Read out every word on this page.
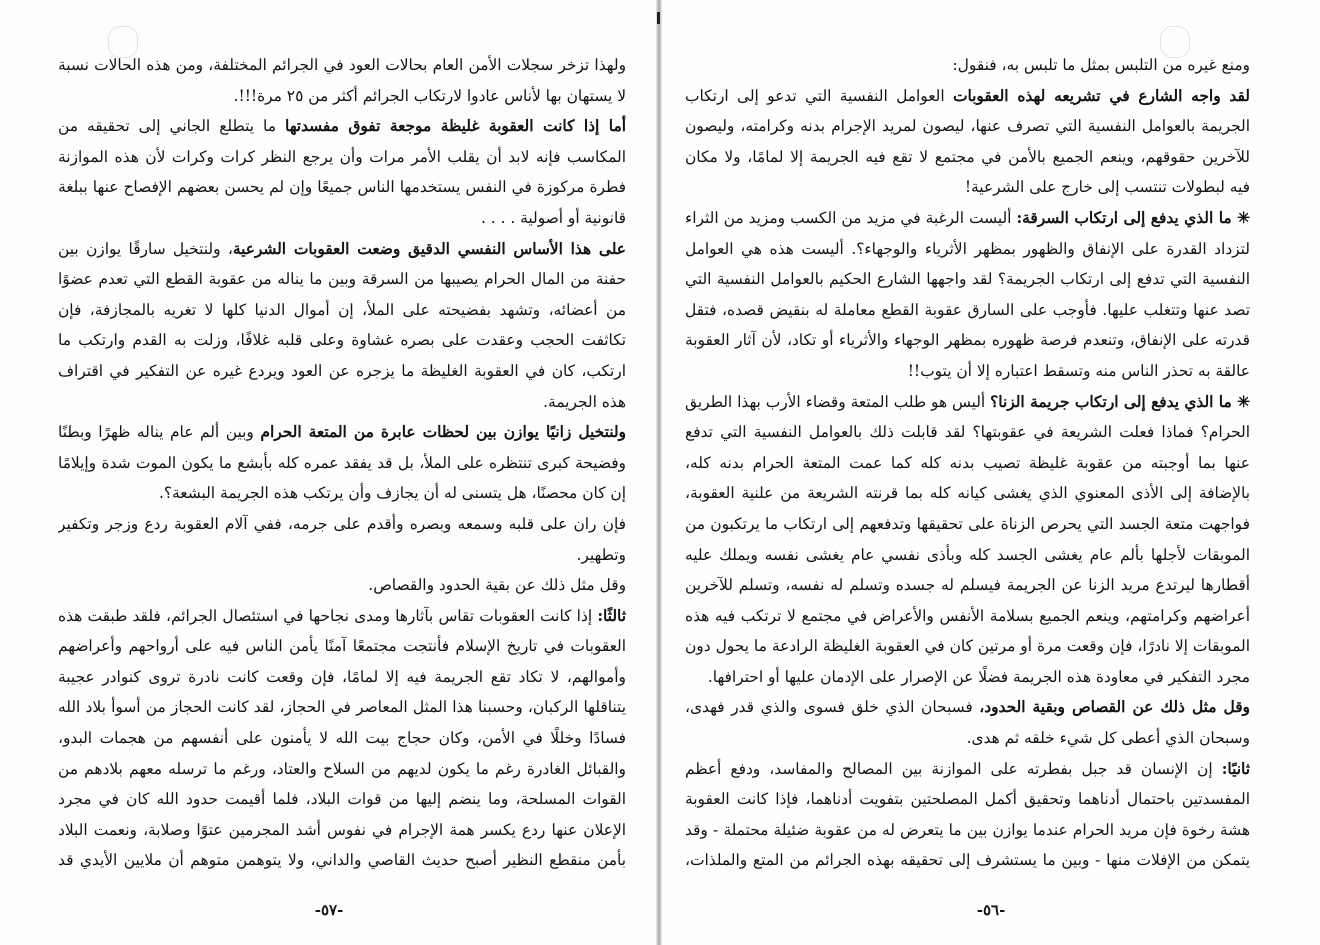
ولهذا تزخر سجلات الأمن العام بحالات العود في الجرائم المختلفة، ومن هذه الحالات نسبة لا يستهان بها لأناس عادوا لارتكاب الجرائم أكثر من ٢٥ مرة!!!.

أما إذا كانت العقوبة غليظة موجعة تفوق مفسدتها ما يتطلع الجاني إلى تحقيقه من المكاسب فإنه لابد أن يقلب الأمر مرات وأن يرجع النظر كرات وكرات لأن هذه الموازنة فطرة مركوزة في النفس يستخدمها الناس جميعًا وإن لم يحسن بعضهم الإفصاح عنها ببلغة قانونية أو أصولية . . . .

على هذا الأساس النفسي الدقيق وضعت العقوبات الشرعية، ولنتخيل سارقًا يوازن بين حفنة من المال الحرام يصيبها من السرقة وبين ما يناله من عقوبة القطع التي تعدم عضوًا من أعضائه، وتشهد بفضيحته على الملأ، إن أموال الدنيا كلها لا تغريه بالمجازفة، فإن تكاثفت الحجب وعقدت على بصره غشاوة وعلى قلبه غلافًا، وزلت به القدم وارتكب ما ارتكب، كان في العقوبة الغليظة ما يزجره عن العود ويردع غيره عن التفكير في اقتراف هذه الجريمة.

ولنتخيل زانيًا يوازن بين لحظات عابرة من المتعة الحرام وبين ألم عام يناله ظهرًا وبطنًا وفضيحة كبرى تنتظره على الملأ، بل قد يفقد عمره كله بأبشع ما يكون الموت شدة وإيلامًا إن كان محصنًا، هل يتسنى له أن يجازف وأن يرتكب هذه الجريمة البشعة؟.

فإن ران على قلبه وسمعه وبصره وأقدم على جرمه، ففي آلام العقوبة ردع وزجر وتكفير وتطهير.

وقل مثل ذلك عن بقية الحدود والقصاص.

ثالثًا: إذا كانت العقوبات تقاس بآثارها ومدى نجاحها في استئصال الجرائم، فلقد طبقت هذه العقوبات في تاريخ الإسلام فأنتجت مجتمعًا آمنًا يأمن الناس فيه على أرواحهم وأعراضهم وأموالهم، لا تكاد تقع الجريمة فيه إلا لمامًا، فإن وقعت كانت نادرة تروى كنوادر عجيبة يتناقلها الركبان، وحسبنا هذا المثل المعاصر في الحجاز، لقد كانت الحجاز من أسوأ بلاد الله فسادًا وخللًا في الأمن، وكان حجاج بيت الله لا يأمنون على أنفسهم من هجمات البدو، والقبائل الغادرة رغم ما يكون لديهم من السلاح والعتاد، ورغم ما ترسله معهم بلادهم من القوات المسلحة، وما ينضم إليها من قوات البلاد، فلما أقيمت حدود الله كان في مجرد الإعلان عنها ردع يكسر همة الإجرام في نفوس أشد المجرمين عتوًا وصلابة، ونعمت البلاد بأمن منقطع النظير أصبح حديث القاصي والداني، ولا يتوهمن متوهم أن ملايين الأيدي قد

-٥٧-

ومنع غيره من التلبس بمثل ما تلبس به، فنقول:

لقد واجه الشارع في تشريعه لهذه العقوبات العوامل النفسية التي تدعو إلى ارتكاب الجريمة بالعوامل النفسية التي تصرف عنها، ليصون لمريد الإجرام بدنه وكرامته، وليصون للآخرين حقوقهم، وينعم الجميع بالأمن في مجتمع لا تقع فيه الجريمة إلا لمامًا، ولا مكان فيه لبطولات تنتسب إلى خارج على الشرعية!

✳ ما الذي يدفع إلى ارتكاب السرقة: أليست الرغبة في مزيد من الكسب ومزيد من الثراء لتزداد القدرة على الإنفاق والظهور بمظهر الأثرياء والوجهاء؟. أليست هذه هي العوامل النفسية التي تدفع إلى ارتكاب الجريمة؟ لقد واجهها الشارع الحكيم بالعوامل النفسية التي تصد عنها وتتغلب عليها. فأوجب على السارق عقوبة القطع معاملة له بنقيض قصده، فتقل قدرته على الإنفاق، وتنعدم فرصة ظهوره بمظهر الوجهاء والأثرياء أو تكاد، لأن آثار العقوبة عالقة به تحذر الناس منه وتسقط اعتباره إلا أن يتوب!!

✳ ما الذي يدفع إلى ارتكاب جريمة الزنا؟ أليس هو طلب المتعة وقضاء الأرب بهذا الطريق الحرام؟ فماذا فعلت الشريعة في عقوبتها؟ لقد قابلت ذلك بالعوامل النفسية التي تدفع عنها بما أوجبته من عقوبة غليظة تصيب بدنه كله كما عمت المتعة الحرام بدنه كله، بالإضافة إلى الأذى المعنوي الذي يغشى كيانه كله بما قرنته الشريعة من علنية العقوبة، فواجهت متعة الجسد التي يحرص الزناة على تحقيقها وتدفعهم إلى ارتكاب ما يرتكبون من الموبقات لأجلها بألم عام يغشى الجسد كله وبأذى نفسي عام يغشى نفسه ويملك عليه أقطارها ليرتدع مريد الزنا عن الجريمة فيسلم له جسده وتسلم له نفسه، وتسلم للآخرين أعراضهم وكرامتهم، وينعم الجميع بسلامة الأنفس والأعراض في مجتمع لا ترتكب فيه هذه الموبقات إلا نادرًا، فإن وقعت مرة أو مرتين كان في العقوبة الغليظة الرادعة ما يحول دون مجرد التفكير في معاودة هذه الجريمة فضلًا عن الإصرار على الإدمان عليها أو احترافها.

وقل مثل ذلك عن القصاص وبقية الحدود، فسبحان الذي خلق فسوى والذي قدر فهدى، وسبحان الذي أعطى كل شيء خلقه ثم هدى.

ثانيًا: إن الإنسان قد جبل بفطرته على الموازنة بين المصالح والمفاسد، ودفع أعظم المفسدتين باحتمال أدناهما وتحقيق أكمل المصلحتين بتفويت أدناهما، فإذا كانت العقوبة هشة رخوة فإن مريد الحرام عندما يوازن بين ما يتعرض له من عقوبة ضئيلة محتملة - وقد يتمكن من الإفلات منها - وبين ما يستشرف إلى تحقيقه بهذه الجرائم من المتع والملذات،

-٥٦-
